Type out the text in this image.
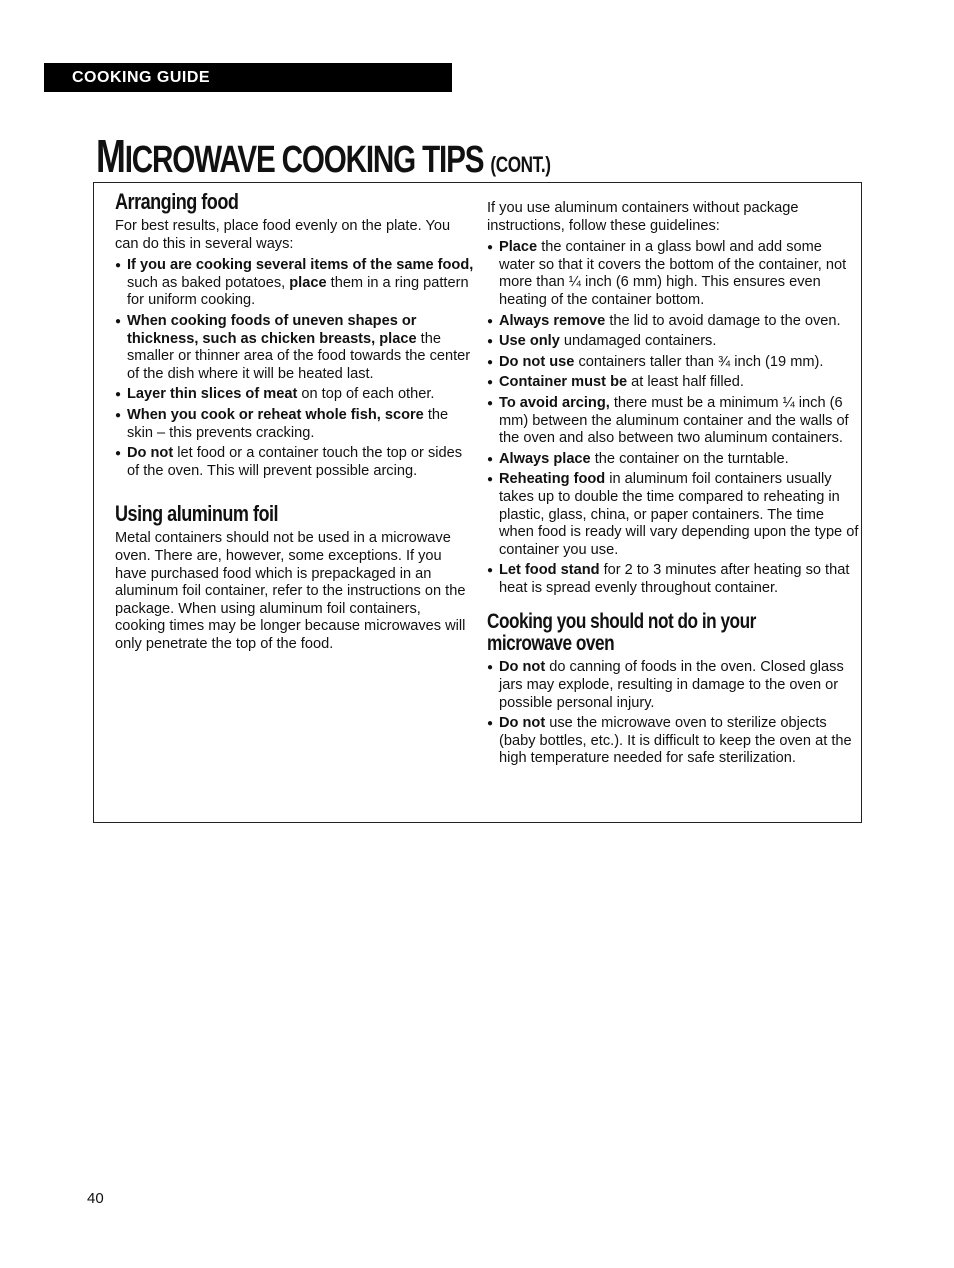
COOKING GUIDE
MICROWAVE COOKING TIPS (CONT.)
Arranging food

For best results, place food evenly on the plate. You can do this in several ways:

● If you are cooking several items of the same food, such as baked potatoes, place them in a ring pattern for uniform cooking.
● When cooking foods of uneven shapes or thickness, such as chicken breasts, place the smaller or thinner area of the food towards the center of the dish where it will be heated last.
● Layer thin slices of meat on top of each other.
● When you cook or reheat whole fish, score the skin – this prevents cracking.
● Do not let food or a container touch the top or sides of the oven. This will prevent possible arcing.
Using aluminum foil

Metal containers should not be used in a microwave oven. There are, however, some exceptions. If you have purchased food which is prepackaged in an aluminum foil container, refer to the instructions on the package. When using aluminum foil containers, cooking times may be longer because microwaves will only penetrate the top of the food.

If you use aluminum containers without package instructions, follow these guidelines:

● Place the container in a glass bowl and add some water so that it covers the bottom of the container, not more than ¼ inch (6 mm) high. This ensures even heating of the container bottom.
● Always remove the lid to avoid damage to the oven.
● Use only undamaged containers.
● Do not use containers taller than ¾ inch (19 mm).
● Container must be at least half filled.
● To avoid arcing, there must be a minimum ¼ inch (6 mm) between the aluminum container and the walls of the oven and also between two aluminum containers.
● Always place the container on the turntable.
● Reheating food in aluminum foil containers usually takes up to double the time compared to reheating in plastic, glass, china, or paper containers. The time when food is ready will vary depending upon the type of container you use.
● Let food stand for 2 to 3 minutes after heating so that heat is spread evenly throughout container.
Cooking you should not do in your
microwave oven
● Do not do canning of foods in the oven. Closed glass jars may explode, resulting in damage to the oven or possible personal injury.
● Do not use the microwave oven to sterilize objects (baby bottles, etc.). It is difficult to keep the oven at the high temperature needed for safe sterilization.
40
